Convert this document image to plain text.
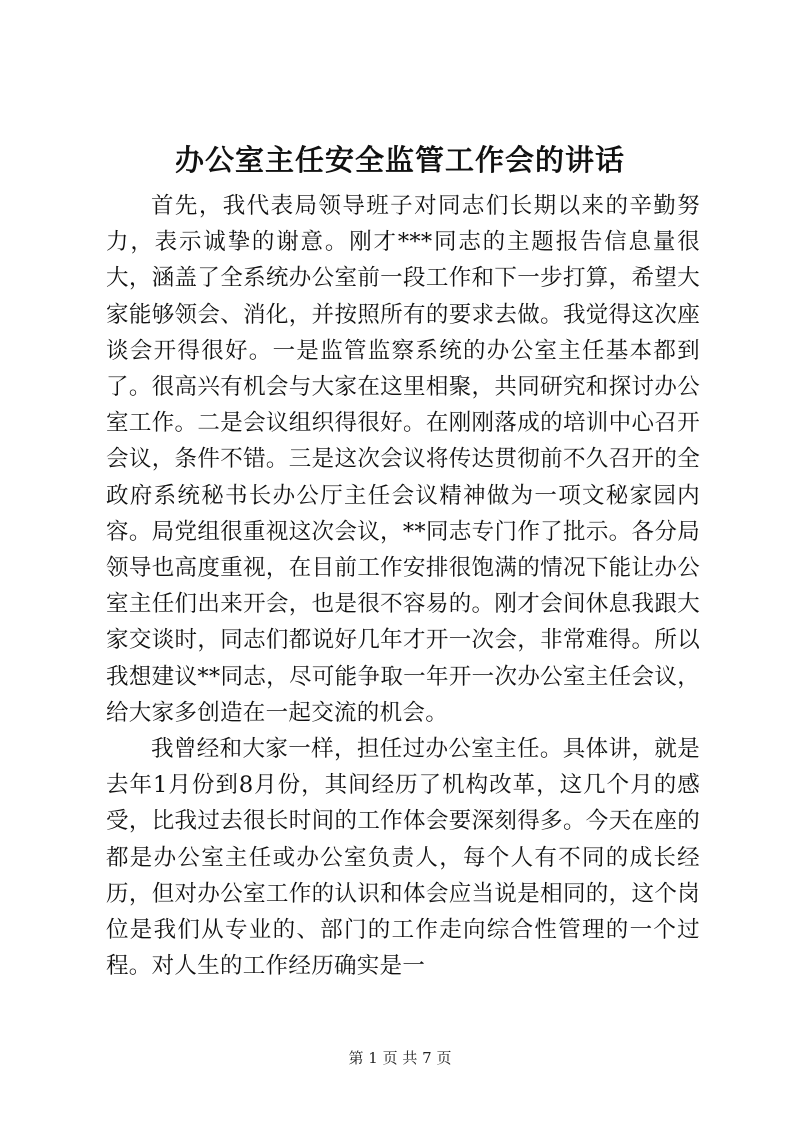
办公室主任安全监管工作会的讲话

首先，我代表局领导班子对同志们长期以来的辛勤努力，表示诚挚的谢意。刚才***同志的主题报告信息量很大，涵盖了全系统办公室前一段工作和下一步打算，希望大家能够领会、消化，并按照所有的要求去做。我觉得这次座谈会开得很好。一是监管监察系统的办公室主任基本都到了。很高兴有机会与大家在这里相聚，共同研究和探讨办公室工作。二是会议组织得很好。在刚刚落成的培训中心召开会议，条件不错。三是这次会议将传达贯彻前不久召开的全政府系统秘书长办公厅主任会议精神做为一项文秘家园内容。局党组很重视这次会议，**同志专门作了批示。各分局领导也高度重视，在目前工作安排很饱满的情况下能让办公室主任们出来开会，也是很不容易的。刚才会间休息我跟大家交谈时，同志们都说好几年才开一次会，非常难得。所以我想建议**同志，尽可能争取一年开一次办公室主任会议，给大家多创造在一起交流的机会。

我曾经和大家一样，担任过办公室主任。具体讲，就是去年1月份到8月份，其间经历了机构改革，这几个月的感受，比我过去很长时间的工作体会要深刻得多。今天在座的都是办公室主任或办公室负责人，每个人有不同的成长经历，但对办公室工作的认识和体会应当说是相同的，这个岗位是我们从专业的、部门的工作走向综合性管理的一个过程。对人生的工作经历确实是一

第 1 页 共 7 页
